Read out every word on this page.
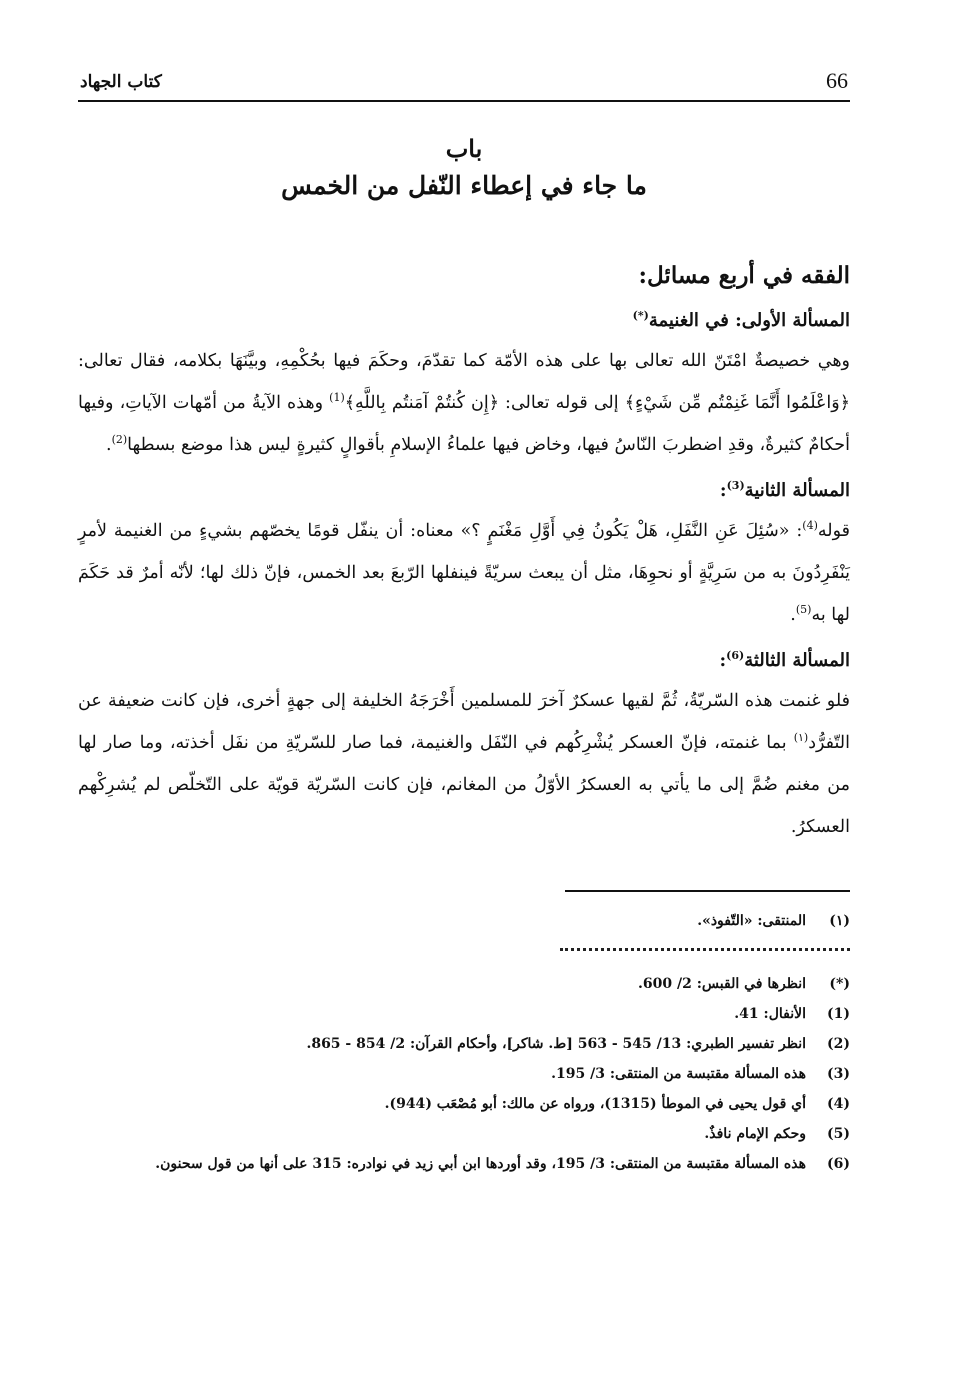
66
كتاب الجهاد
باب
ما جاء في إعطاء النّفل من الخمس
الفقه في أربع مسائل:
المسألة الأولى: في الغنيمة(*)

وهي خصيصةٌ امْتَنّ الله تعالى بها على هذه الأمّة كما تقدّمَ، وحكَمَ فيها بحُكْمِهِ، وبيَّنَهَا بكلامه، فقال تعالى: ﴿وَاعْلَمُوا أَنَّمَا غَنِمْتُم مِّن شَيْءٍ﴾ إلى قوله تعالى: ﴿إِن كُنتُمْ آمَنتُم بِاللَّهِ﴾$^{(1)}$ وهذه الآيةُ من أمّهات الآياتِ، وفيها أحكامٌ كثيرةٌ، وقدِ اضطربَ النّاسُ فيها، وخاض فيها علماءُ الإسلامِ بأقوالٍ كثيرةٍ ليس هذا موضع بسطها$^{(2)}$.

المسألة الثانية$^{(3)}$:

قوله$^{(4)}$: «سُئِلَ عَنِ النَّفَلِ، هَلْ يَكُونُ فِي أَوَّلِ مَغْنَمٍ ؟» معناه: أن ينفّل قومًا يخصّهم بشيءٍ من الغنيمة لأمرٍ يَنْفَرِدُونَ به من سَرِيَّةٍ أو نحوِهَا، مثل أن يبعث سريّةً فينفلها الرّبعَ بعد الخمس، فإنّ ذلك لها؛ لأنّه أمرٌ قد حَكَمَ لها به$^{(5)}$.

المسألة الثالثة$^{(6)}$:

فلو غنمت هذه السّريّةُ، ثُمَّ لقيها عسكرٌ آخرَ للمسلمين أَخْرَجَهُ الخليفة إلى جهةٍ أخرى، فإن كانت ضعيفة عن التّفرُّد$^{(١)}$ بما غنمته، فإنّ العسكر يُشْرِكُهم في النّفَل والغنيمة، فما صار للسّريّةِ من نفَل أخذته، وما صار لها من مغنم ضُمَّ إلى ما يأتي به العسكرُ الأوّلُ من المغانم، فإن كانت السّريّة قويّة على التّخلّص لم يُشرِكْهم العسكرُ.

(١)
المنتقى: «التّفوذ».
(*)
انظرها في القبس: 2/ 600.
(1)
الأنفال: 41.
(2)
انظر تفسير الطبري: 13/ 545 - 563 [ط. شاكر]، وأحكام القرآن: 2/ 854 - 865.
(3)
هذه المسألة مقتبسة من المنتقى: 3/ 195.
(4)
أي قول يحيى في الموطأ (1315)، ورواه عن مالك: أبو مُصْعَب (944).
(5)
وحكم الإمام نافذٌ.
(6)
هذه المسألة مقتبسة من المنتقى: 3/ 195، وقد أوردها ابن أبي زيد في نوادره: 315 على أنها من قول سحنون.
